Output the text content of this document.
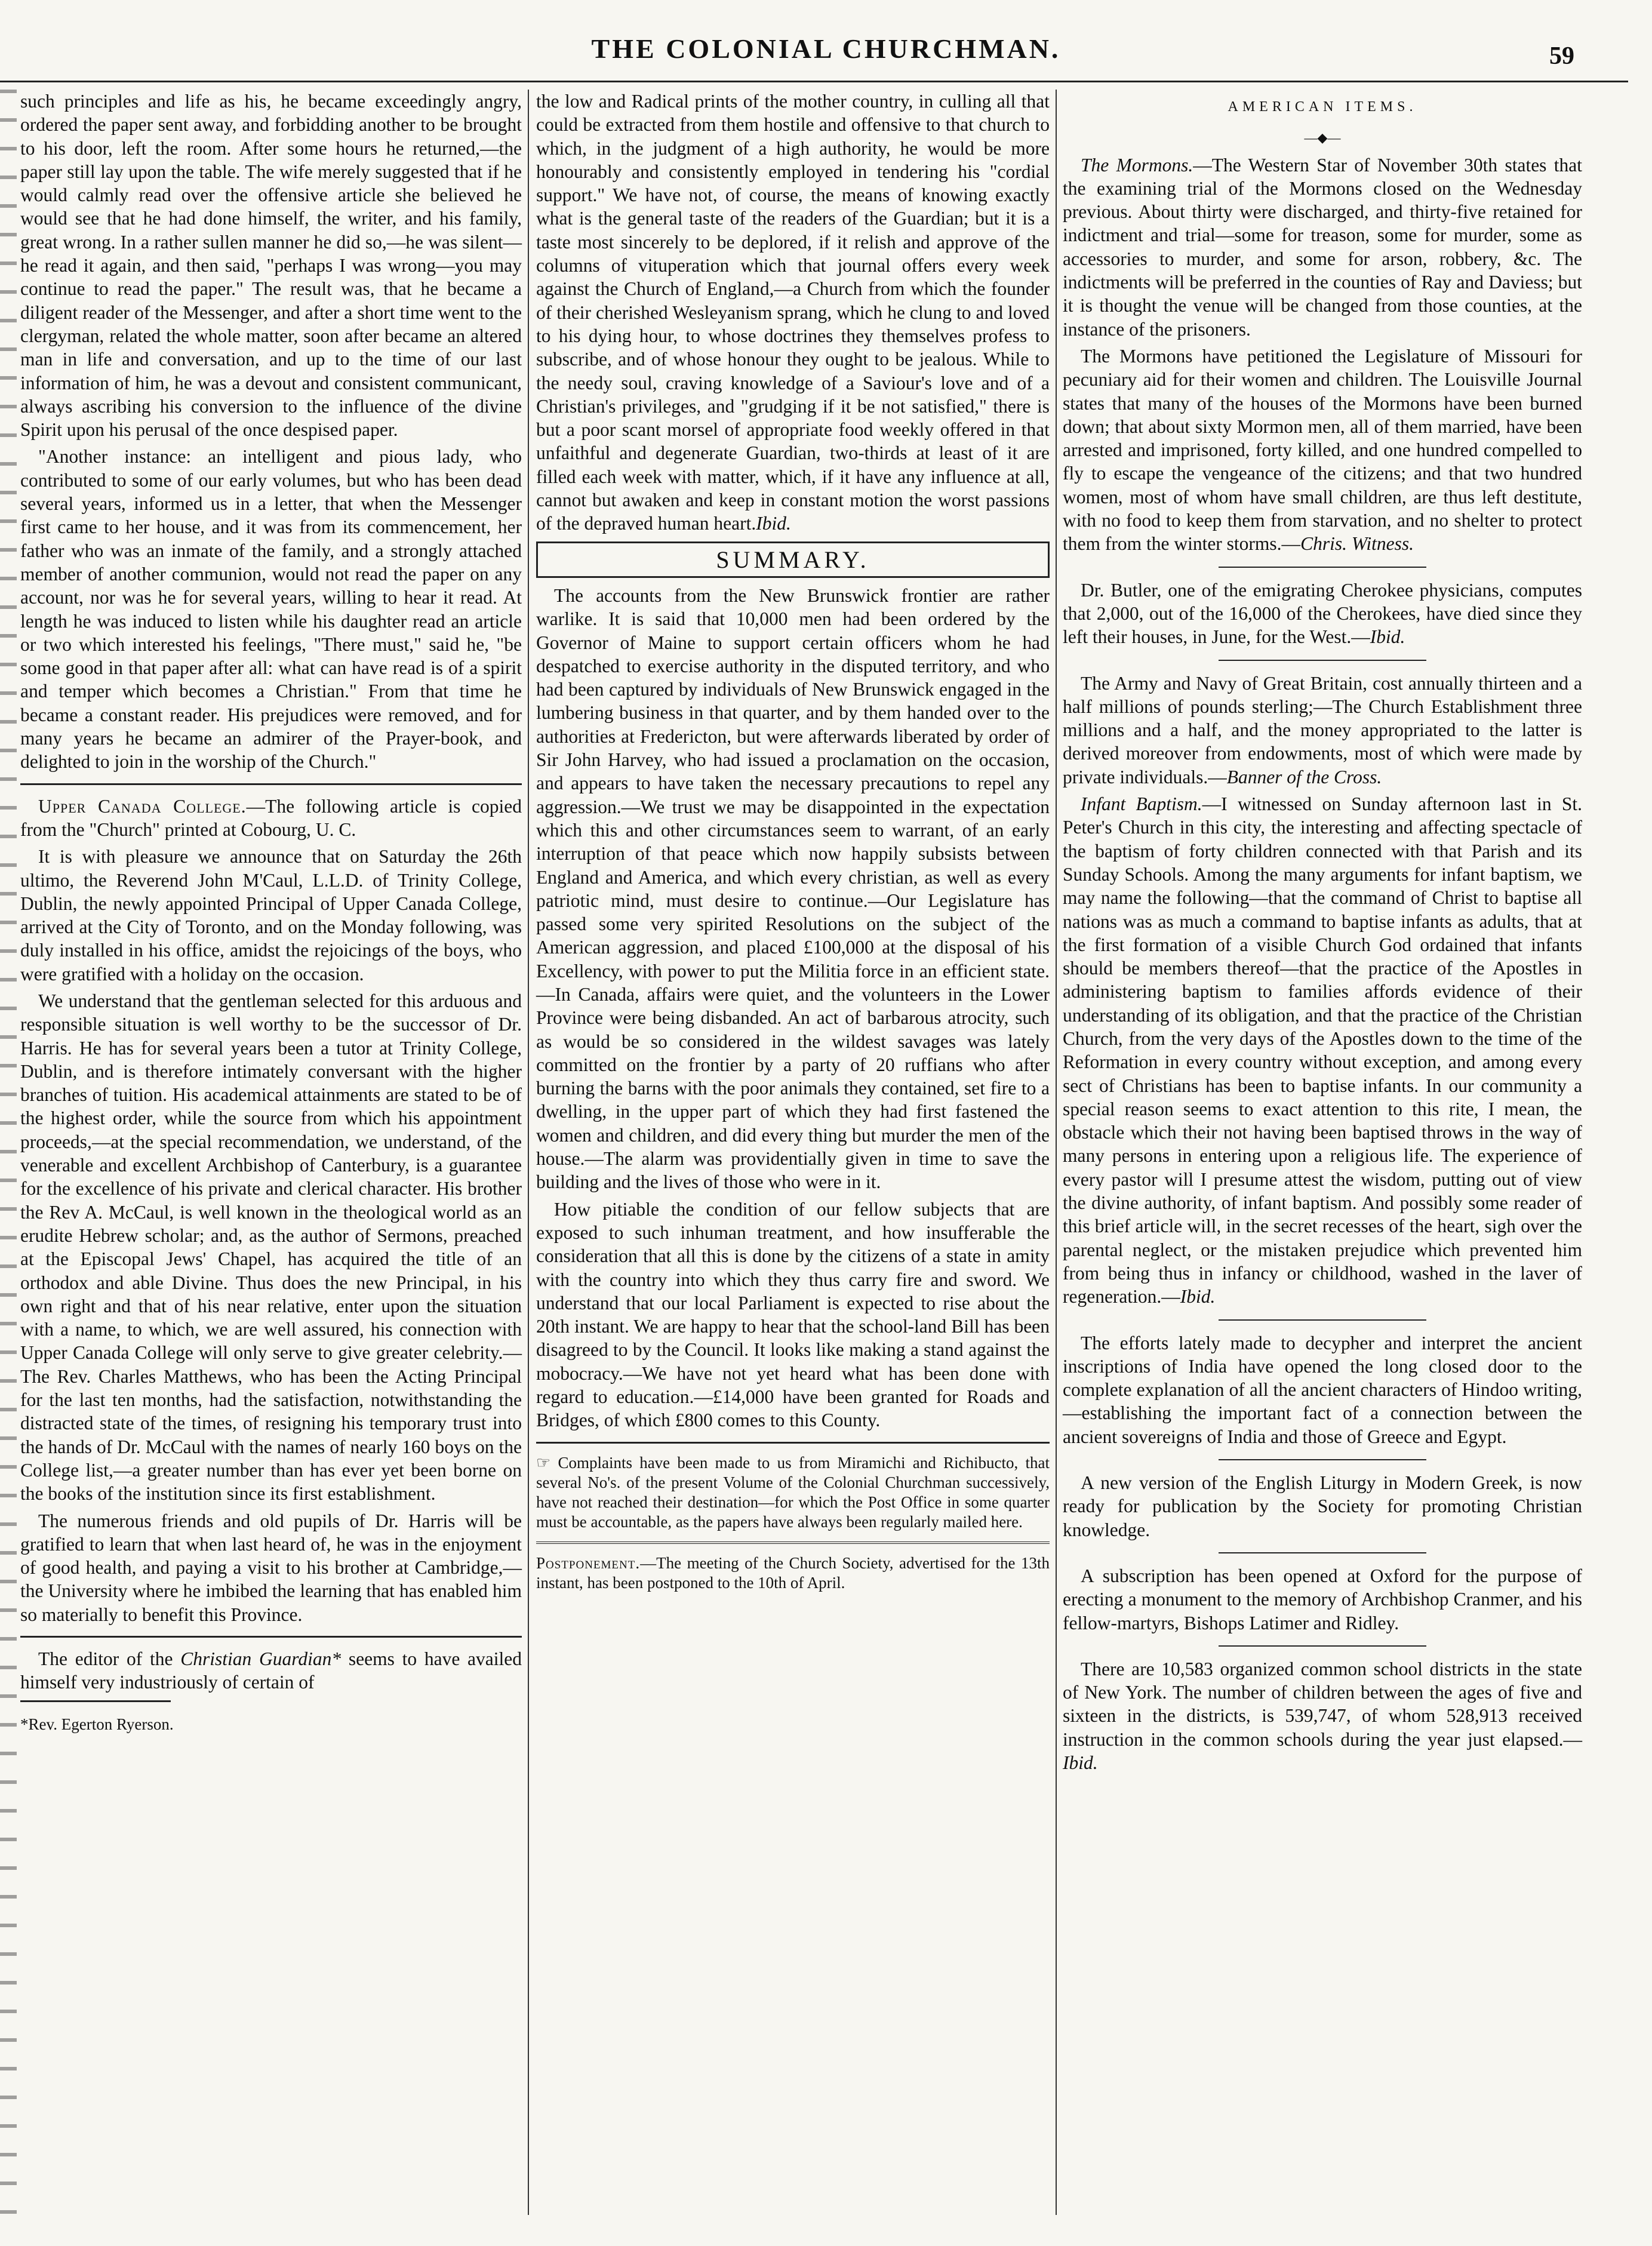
THE COLONIAL CHURCHMAN.	59

such principles and life as his, he became exceedingly angry, ordered the paper sent away, and forbidding another to be brought to his door, left the room. After some hours he returned,—the paper still lay upon the table. The wife merely suggested that if he would calmly read over the offensive article she believed he would see that he had done himself, the writer, and his family, great wrong. In a rather sullen manner he did so,—he was silent—he read it again, and then said, "perhaps I was wrong—you may continue to read the paper." The result was, that he became a diligent reader of the Messenger, and after a short time went to the clergyman, related the whole matter, soon after became an altered man in life and conversation, and up to the time of our last information of him, he was a devout and consistent communicant, always ascribing his conversion to the influence of the divine Spirit upon his perusal of the once despised paper.

"Another instance: an intelligent and pious lady, who contributed to some of our early volumes, but who has been dead several years, informed us in a letter, that when the Messenger first came to her house, and it was from its commencement, her father who was an inmate of the family, and a strongly attached member of another communion, would not read the paper on any account, nor was he for several years, willing to hear it read. At length he was induced to listen while his daughter read an article or two which interested his feelings, "There must," said he, "be some good in that paper after all: what can have read is of a spirit and temper which becomes a Christian." From that time he became a constant reader. His prejudices were removed, and for many years he became an admirer of the Prayer-book, and delighted to join in the worship of the Church."

Upper Canada College.—The following article is copied from the "Church" printed at Cobourg, U. C.

It is with pleasure we announce that on Saturday the 26th ultimo, the Reverend John M'Caul, L.L.D. of Trinity College, Dublin, the newly appointed Principal of Upper Canada College, arrived at the City of Toronto, and on the Monday following, was duly installed in his office, amidst the rejoicings of the boys, who were gratified with a holiday on the occasion.

We understand that the gentleman selected for this arduous and responsible situation is well worthy to be the successor of Dr. Harris. He has for several years been a tutor at Trinity College, Dublin, and is therefore intimately conversant with the higher branches of tuition. His academical attainments are stated to be of the highest order, while the source from which his appointment proceeds,—at the special recommendation, we understand, of the venerable and excellent Archbishop of Canterbury, is a guarantee for the excellence of his private and clerical character. His brother the Rev A. McCaul, is well known in the theological world as an erudite Hebrew scholar; and, as the author of Sermons, preached at the Episcopal Jews' Chapel, has acquired the title of an orthodox and able Divine. Thus does the new Principal, in his own right and that of his near relative, enter upon the situation with a name, to which, we are well assured, his connection with Upper Canada College will only serve to give greater celebrity.—The Rev. Charles Matthews, who has been the Acting Principal for the last ten months, had the satisfaction, notwithstanding the distracted state of the times, of resigning his temporary trust into the hands of Dr. McCaul with the names of nearly 160 boys on the College list,—a greater number than has ever yet been borne on the books of the institution since its first establishment.

The numerous friends and old pupils of Dr. Harris will be gratified to learn that when last heard of, he was in the enjoyment of good health, and paying a visit to his brother at Cambridge,—the University where he imbibed the learning that has enabled him so materially to benefit this Province.

The editor of the Christian Guardian* seems to have availed himself very industriously of certain of

*Rev. Egerton Ryerson.

the low and Radical prints of the mother country, in culling all that could be extracted from them hostile and offensive to that church to which, in the judgment of a high authority, he would be more honourably and consistently employed in tendering his "cordial support." We have not, of course, the means of knowing exactly what is the general taste of the readers of the Guardian; but it is a taste most sincerely to be deplored, if it relish and approve of the columns of vituperation which that journal offers every week against the Church of England,—a Church from which the founder of their cherished Wesleyanism sprang, which he clung to and loved to his dying hour, to whose doctrines they themselves profess to subscribe, and of whose honour they ought to be jealous. While to the needy soul, craving knowledge of a Saviour's love and of a Christian's privileges, and "grudging if it be not satisfied," there is but a poor scant morsel of appropriate food weekly offered in that unfaithful and degenerate Guardian, two-thirds at least of it are filled each week with matter, which, if it have any influence at all, cannot but awaken and keep in constant motion the worst passions of the depraved human heart.Ibid.

SUMMARY.

The accounts from the New Brunswick frontier are rather warlike. It is said that 10,000 men had been ordered by the Governor of Maine to support certain officers whom he had despatched to exercise authority in the disputed territory, and who had been captured by individuals of New Brunswick engaged in the lumbering business in that quarter, and by them handed over to the authorities at Fredericton, but were afterwards liberated by order of Sir John Harvey, who had issued a proclamation on the occasion, and appears to have taken the necessary precautions to repel any aggression.—We trust we may be disappointed in the expectation which this and other circumstances seem to warrant, of an early interruption of that peace which now happily subsists between England and America, and which every christian, as well as every patriotic mind, must desire to continue.—Our Legislature has passed some very spirited Resolutions on the subject of the American aggression, and placed £100,000 at the disposal of his Excellency, with power to put the Militia force in an efficient state.—In Canada, affairs were quiet, and the volunteers in the Lower Province were being disbanded. An act of barbarous atrocity, such as would be so considered in the wildest savages was lately committed on the frontier by a party of 20 ruffians who after burning the barns with the poor animals they contained, set fire to a dwelling, in the upper part of which they had first fastened the women and children, and did every thing but murder the men of the house.—The alarm was providentially given in time to save the building and the lives of those who were in it.

How pitiable the condition of our fellow subjects that are exposed to such inhuman treatment, and how insufferable the consideration that all this is done by the citizens of a state in amity with the country into which they thus carry fire and sword. We understand that our local Parliament is expected to rise about the 20th instant. We are happy to hear that the school-land Bill has been disagreed to by the Council. It looks like making a stand against the mobocracy.—We have not yet heard what has been done with regard to education.—£14,000 have been granted for Roads and Bridges, of which £800 comes to this County.

☞ Complaints have been made to us from Miramichi and Richibucto, that several No's. of the present Volume of the Colonial Churchman successively, have not reached their destination—for which the Post Office in some quarter must be accountable, as the papers have always been regularly mailed here.

Postponement.—The meeting of the Church Society, advertised for the 13th instant, has been postponed to the 10th of April.

AMERICAN ITEMS.
―◆―

The Mormons.—The Western Star of November 30th states that the examining trial of the Mormons closed on the Wednesday previous. About thirty were discharged, and thirty-five retained for indictment and trial—some for treason, some for murder, some as accessories to murder, and some for arson, robbery, &c. The indictments will be preferred in the counties of Ray and Daviess; but it is thought the venue will be changed from those counties, at the instance of the prisoners.

The Mormons have petitioned the Legislature of Missouri for pecuniary aid for their women and children. The Louisville Journal states that many of the houses of the Mormons have been burned down; that about sixty Mormon men, all of them married, have been arrested and imprisoned, forty killed, and one hundred compelled to fly to escape the vengeance of the citizens; and that two hundred women, most of whom have small children, are thus left destitute, with no food to keep them from starvation, and no shelter to protect them from the winter storms.—Chris. Witness.

Dr. Butler, one of the emigrating Cherokee physicians, computes that 2,000, out of the 16,000 of the Cherokees, have died since they left their houses, in June, for the West.—Ibid.

The Army and Navy of Great Britain, cost annually thirteen and a half millions of pounds sterling;—The Church Establishment three millions and a half, and the money appropriated to the latter is derived moreover from endowments, most of which were made by private individuals.—Banner of the Cross.

Infant Baptism.—I witnessed on Sunday afternoon last in St. Peter's Church in this city, the interesting and affecting spectacle of the baptism of forty children connected with that Parish and its Sunday Schools. Among the many arguments for infant baptism, we may name the following—that the command of Christ to baptise all nations was as much a command to baptise infants as adults, that at the first formation of a visible Church God ordained that infants should be members thereof—that the practice of the Apostles in administering baptism to families affords evidence of their understanding of its obligation, and that the practice of the Christian Church, from the very days of the Apostles down to the time of the Reformation in every country without exception, and among every sect of Christians has been to baptise infants. In our community a special reason seems to exact attention to this rite, I mean, the obstacle which their not having been baptised throws in the way of many persons in entering upon a religious life. The experience of every pastor will I presume attest the wisdom, putting out of view the divine authority, of infant baptism. And possibly some reader of this brief article will, in the secret recesses of the heart, sigh over the parental neglect, or the mistaken prejudice which prevented him from being thus in infancy or childhood, washed in the laver of regeneration.—Ibid.

The efforts lately made to decypher and interpret the ancient inscriptions of India have opened the long closed door to the complete explanation of all the ancient characters of Hindoo writing,—establishing the important fact of a connection between the ancient sovereigns of India and those of Greece and Egypt.

A new version of the English Liturgy in Modern Greek, is now ready for publication by the Society for promoting Christian knowledge.

A subscription has been opened at Oxford for the purpose of erecting a monument to the memory of Archbishop Cranmer, and his fellow-martyrs, Bishops Latimer and Ridley.

There are 10,583 organized common school districts in the state of New York. The number of children between the ages of five and sixteen in the districts, is 539,747, of whom 528,913 received instruction in the common schools during the year just elapsed.—Ibid.
